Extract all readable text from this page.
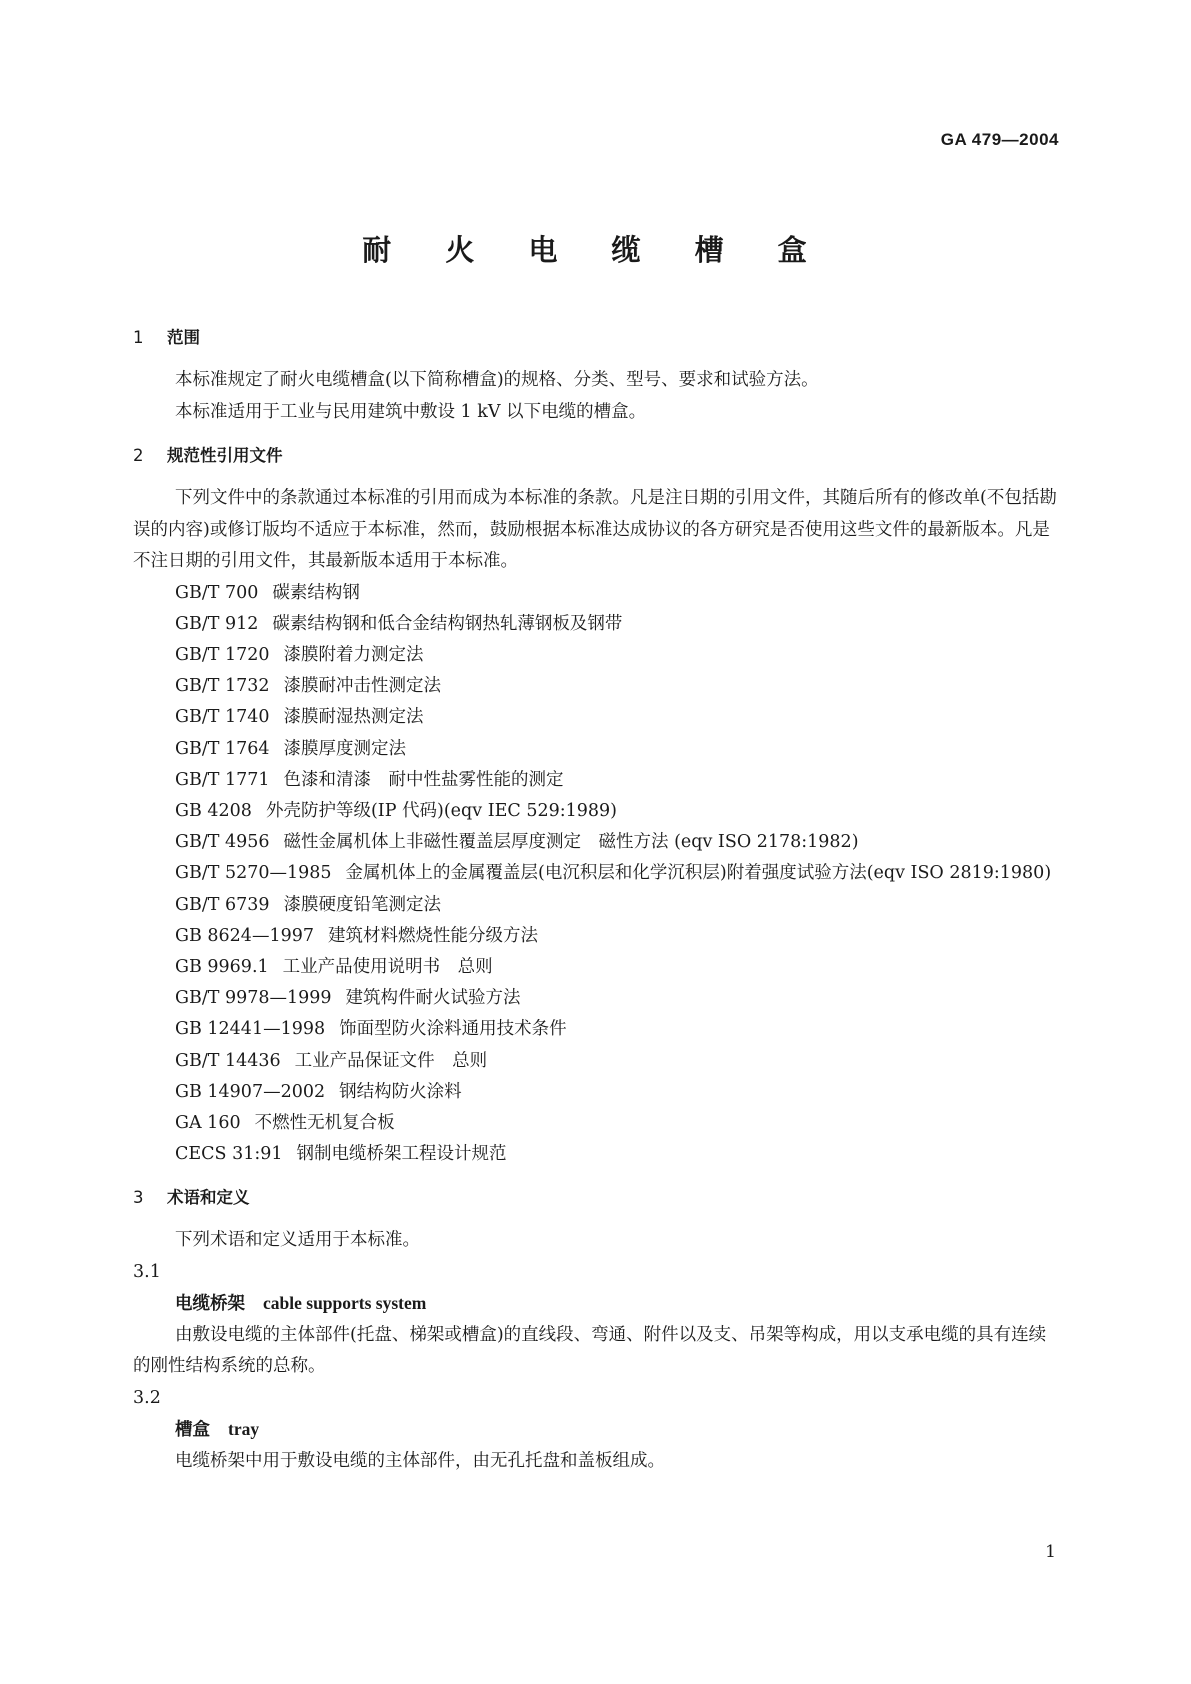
GA 479—2004
耐 火 电 缆 槽 盒
1 范围

本标准规定了耐火电缆槽盒(以下简称槽盒)的规格、分类、型号、要求和试验方法。

本标准适用于工业与民用建筑中敷设 1 kV 以下电缆的槽盒。

2 规范性引用文件

下列文件中的条款通过本标准的引用而成为本标准的条款。凡是注日期的引用文件，其随后所有的修改单(不包括勘误的内容)或修订版均不适应于本标准，然而，鼓励根据本标准达成协议的各方研究是否使用这些文件的最新版本。凡是不注日期的引用文件，其最新版本适用于本标准。

GB/T 700 碳素结构钢
GB/T 912 碳素结构钢和低合金结构钢热轧薄钢板及钢带
GB/T 1720 漆膜附着力测定法
GB/T 1732 漆膜耐冲击性测定法
GB/T 1740 漆膜耐湿热测定法
GB/T 1764 漆膜厚度测定法
GB/T 1771 色漆和清漆　耐中性盐雾性能的测定
GB 4208 外壳防护等级(IP 代码)(eqv IEC 529:1989)
GB/T 4956 磁性金属机体上非磁性覆盖层厚度测定　磁性方法 (eqv ISO 2178:1982)
GB/T 5270—1985 金属机体上的金属覆盖层(电沉积层和化学沉积层)附着强度试验方法(eqv ISO 2819:1980)
GB/T 6739 漆膜硬度铅笔测定法
GB 8624—1997 建筑材料燃烧性能分级方法
GB 9969.1 工业产品使用说明书　总则
GB/T 9978—1999 建筑构件耐火试验方法
GB 12441—1998 饰面型防火涂料通用技术条件
GB/T 14436 工业产品保证文件　总则
GB 14907—2002 钢结构防火涂料
GA 160 不燃性无机复合板
CECS 31:91 钢制电缆桥架工程设计规范
3 术语和定义

下列术语和定义适用于本标准。

3.1
电缆桥架 cable supports system

由敷设电缆的主体部件(托盘、梯架或槽盒)的直线段、弯通、附件以及支、吊架等构成，用以支承电缆的具有连续的刚性结构系统的总称。

3.2
槽盒 tray

电缆桥架中用于敷设电缆的主体部件，由无孔托盘和盖板组成。

1
